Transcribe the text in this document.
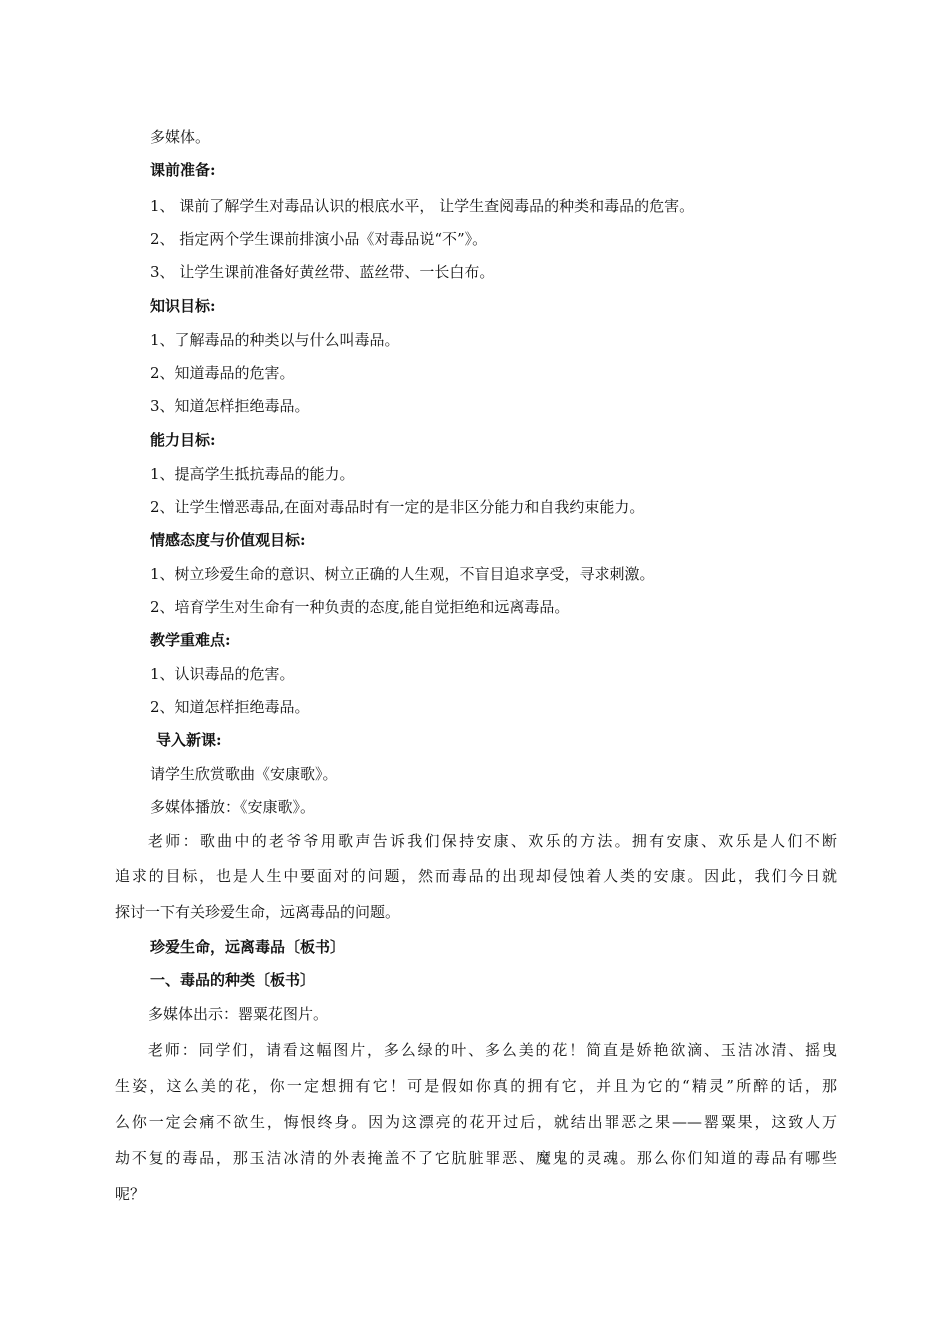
多媒体。
课前准备:
1、 课前了解学生对毒品认识的根底水平， 让学生查阅毒品的种类和毒品的危害。
2、 指定两个学生课前排演小品《对毒品说“不”》。
3、 让学生课前准备好黄丝带、蓝丝带、一长白布。
知识目标:
1、了解毒品的种类以与什么叫毒品。
2、知道毒品的危害。
3、知道怎样拒绝毒品。
能力目标:
1、提高学生抵抗毒品的能力。
2、让学生憎恶毒品,在面对毒品时有一定的是非区分能力和自我约束能力。
情感态度与价值观目标:
1、树立珍爱生命的意识、树立正确的人生观，不盲目追求享受，寻求刺激。
2、培育学生对生命有一种负责的态度,能自觉拒绝和远离毒品。
教学重难点:
1、认识毒品的危害。
2、知道怎样拒绝毒品。
导入新课:
请学生欣赏歌曲《安康歌》。
多媒体播放：《安康歌》。
老师：歌曲中的老爷爷用歌声告诉我们保持安康、欢乐的方法。拥有安康、欢乐是人们不断
追求的目标，也是人生中要面对的问题，然而毒品的出现却侵蚀着人类的安康。因此，我们今日就
探讨一下有关珍爱生命，远离毒品的问题。
珍爱生命，远离毒品〔板书〕
一、毒品的种类〔板书〕
多媒体出示：罂粟花图片。
老师：同学们，请看这幅图片，多么绿的叶、多么美的花！简直是娇艳欲滴、玉洁冰清、摇曳
生姿，这么美的花，你一定想拥有它！可是假如你真的拥有它，并且为它的“精灵”所醉的话，那
么你一定会痛不欲生，悔恨终身。因为这漂亮的花开过后，就结出罪恶之果——罂粟果，这致人万
劫不复的毒品，那玉洁冰清的外表掩盖不了它肮脏罪恶、魔鬼的灵魂。那么你们知道的毒品有哪些
呢？
